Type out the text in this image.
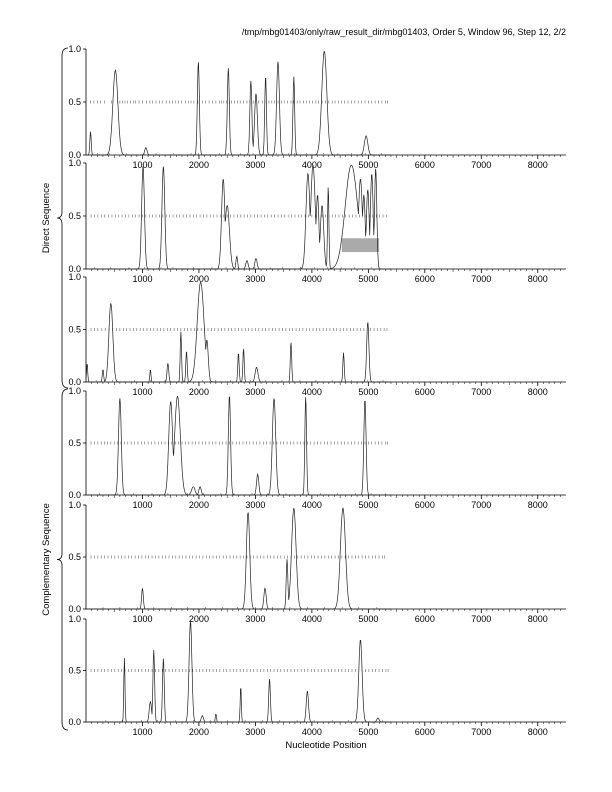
/tmp/mbg01403/only/raw_result_dir/mbg01403, Order 5, Window 96, Step 12, 2/2
0.0
0.5
1.0
1000	2000	3000	4000	5000	6000	7000	8000
0.0
0.5
1.0
1000	2000	3000	4000	5000	6000	7000	8000
0.0
0.5
1.0
1000	2000	3000	4000	5000	6000	7000	8000
0.0
0.5
1.0
1000	2000	3000	4000	5000	6000	7000	8000
0.0
0.5
1.0
1000	2000	3000	4000	5000	6000	7000	8000
0.0
0.5
1.0
1000	2000	3000	4000	5000	6000	7000	8000
Direct Sequence
Complementary Sequence
Nucleotide Position
